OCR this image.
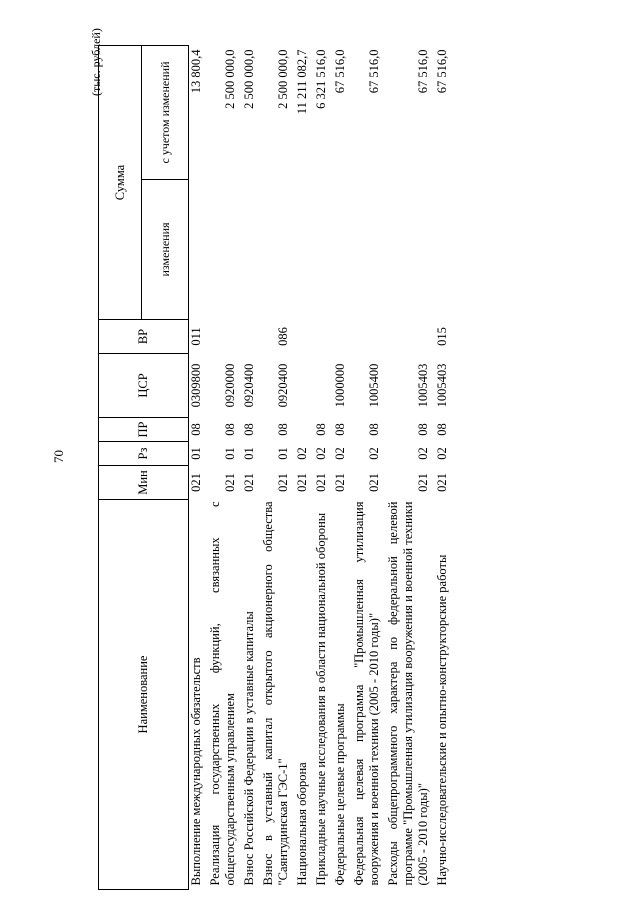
70
(тыс. рублей)
Наименование	Мин	Рз	ПР	ЦСР	ВР	Сумма	
						изменения	с учетом изменений
Выполнение международных обязательств	021	01	08	0309800	011		13 800,4
Реализация государственных функций, связанных с общегосударственным управлением	021	01	08	0920000			2 500 000,0
Взнос Российской Федерации в уставные капиталы	021	01	08	0920400			2 500 000,0
Взнос в уставный капитал открытого акционерного общества "Саянтудинская ГЭС-1"	021	01	08	0920400	086		2 500 000,0
Национальная оборона	021	02					11 211 082,7
Прикладные научные исследования в области национальной обороны	021	02	08				6 321 516,0
Федеральные целевые программы	021	02	08	1000000			67 516,0
Федеральная целевая программа "Промышленная утилизация вооружения и военной техники (2005 - 2010 годы)"	021	02	08	1005400			67 516,0
Расходы общепрограммного характера по федеральной целевой программе "Промышленная утилизация вооружения и военной техники (2005 - 2010 годы)"	021	02	08	1005403			67 516,0
Научно-исследовательские и опытно-конструкторские работы	021	02	08	1005403	015		67 516,0
